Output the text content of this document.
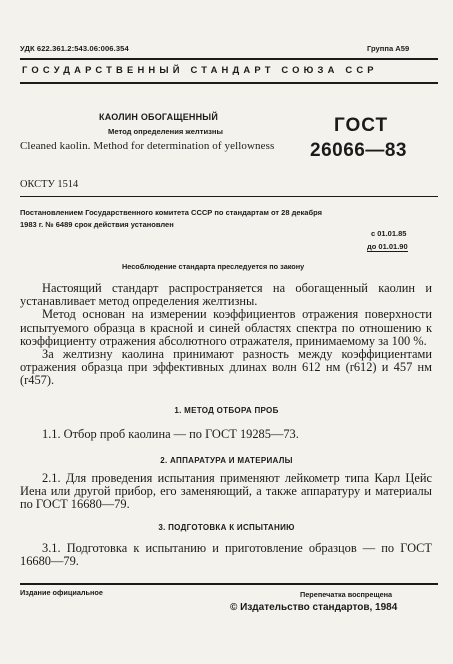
УДК 622.361.2:543.06:006.354	Группа А59
ГОСУДАРСТВЕННЫЙ СТАНДАРТ СОЮЗА ССР
КАОЛИН ОБОГАЩЕННЫЙ
Метод определения желтизны
Cleaned kaolin. Method for determination of yellowness
ГОСТ
26066—83
ОКСТУ 1514
Постановлением Государственного комитета СССР по стандартам от 28 декабря
1983 г. № 6489 срок действия установлен
с 01.01.85
до 01.01.90
Несоблюдение стандарта преследуется по закону

Настоящий стандарт распространяется на обогащенный каолин и устанавливает метод определения желтизны.

Метод основан на измерении коэффициентов отражения поверхности испытуемого образца в красной и синей областях спектра по отношению к коэффициенту отражения абсолютного отражателя, принимаемому за 100 %.

За желтизну каолина принимают разность между коэффициентами отражения образца при эффективных длинах волн 612 нм (r612) и 457 нм (r457).

1. МЕТОД ОТБОРА ПРОБ

1.1. Отбор проб каолина — по ГОСТ 19285—73.

2. АППАРАТУРА И МАТЕРИАЛЫ

2.1. Для проведения испытания применяют лейкометр типа Карл Цейс Иена или другой прибор, его заменяющий, а также аппаратуру и материалы по ГОСТ 16680—79.

3. ПОДГОТОВКА К ИСПЫТАНИЮ

3.1. Подготовка к испытанию и приготовление образцов — по ГОСТ 16680—79.

Издание официальное	Перепечатка воспрещена
© Издательство стандартов, 1984
